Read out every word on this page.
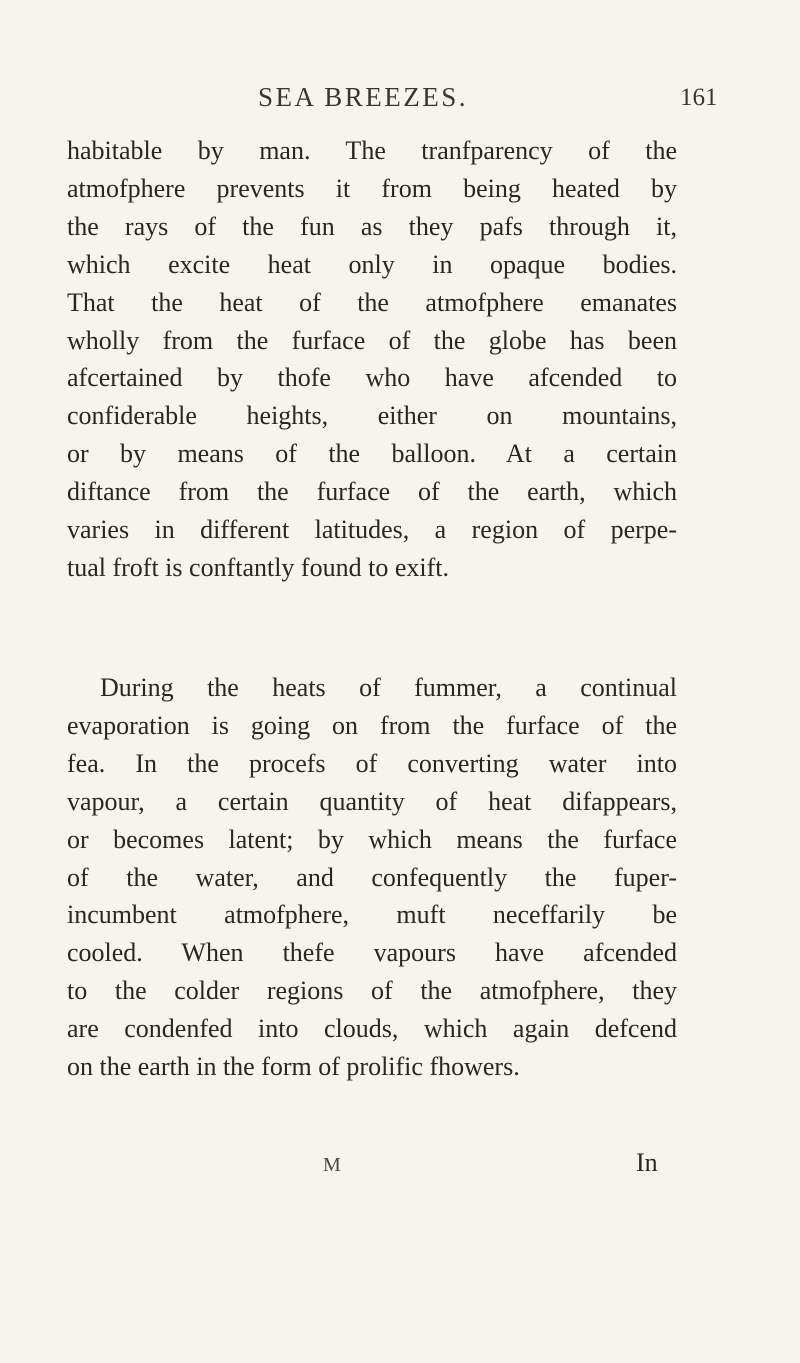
SEA BREEZES.	161
habitable by man. The tranfparency of the
atmofphere prevents it from being heated by
the rays of the fun as they pafs through it,
which excite heat only in opaque bodies.
That the heat of the atmofphere emanates
wholly from the furface of the globe has been
afcertained by thofe who have afcended to
confiderable heights, either on mountains,
or by means of the balloon. At a certain
diftance from the furface of the earth, which
varies in different latitudes, a region of perpe-
tual froft is conftantly found to exift.
During the heats of fummer, a continual
evaporation is going on from the furface of the
fea. In the procefs of converting water into
vapour, a certain quantity of heat difappears,
or becomes latent; by which means the furface
of the water, and confequently the fuper-
incumbent atmofphere, muft neceffarily be
cooled. When thefe vapours have afcended
to the colder regions of the atmofphere, they
are condenfed into clouds, which again defcend
on the earth in the form of prolific fhowers.
M	In
